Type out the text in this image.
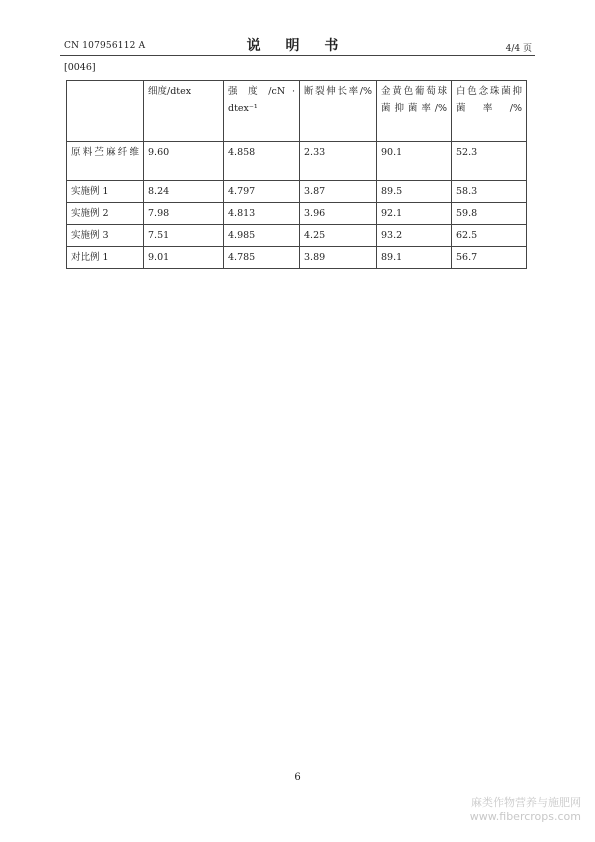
CN 107956112 A	说 明 书	4/4 页
[0046]
	细度/dtex	强 度 /cN · dtex⁻¹	断裂伸长率/%	金黄色葡萄球菌抑菌率/%	白色念珠菌抑菌率/%
原料苎麻纤维	9.60	4.858	2.33	90.1	52.3
实施例 1	8.24	4.797	3.87	89.5	58.3
实施例 2	7.98	4.813	3.96	92.1	59.8
实施例 3	7.51	4.985	4.25	93.2	62.5
对比例 1	9.01	4.785	3.89	89.1	56.7
6
麻类作物营养与施肥网
www.fibercrops.com
